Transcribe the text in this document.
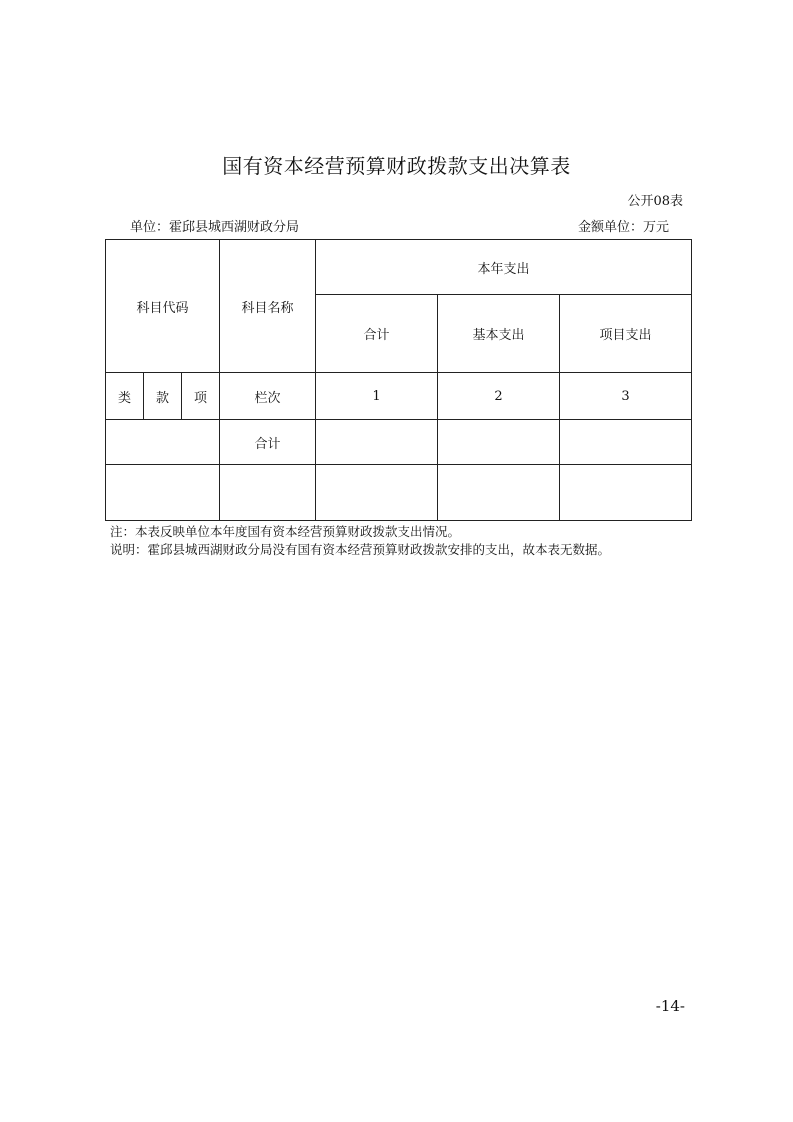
国有资本经营预算财政拨款支出决算表
公开08表
单位：霍邱县城西湖财政分局	金额单位：万元
科目代码			科目名称	本年支出		
				合计	基本支出	项目支出
类	款	项	栏次	1	2	3
			合计			

注：本表反映单位本年度国有资本经营预算财政拨款支出情况。
说明：霍邱县城西湖财政分局没有国有资本经营预算财政拨款安排的支出，故本表无数据。
-14-
